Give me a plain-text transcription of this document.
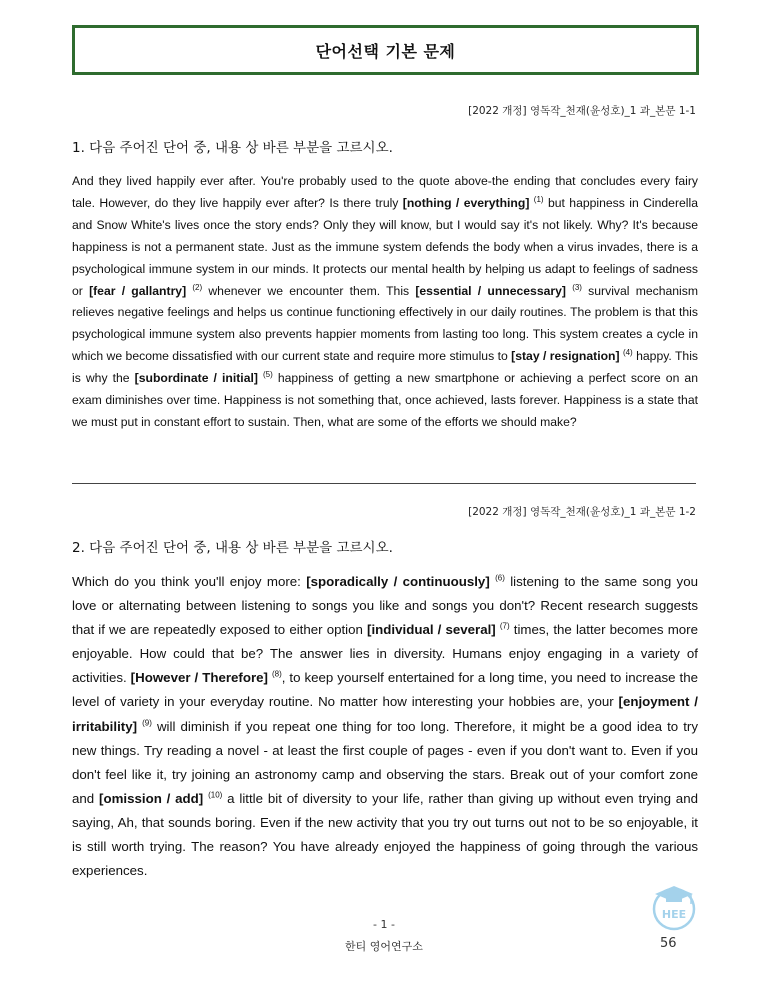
단어선택 기본 문제
[2022 개정] 영독작_천재(윤성호)_1 과_본문 1-1
1. 다음 주어진 단어 중, 내용 상 바른 부분을 고르시오.
And they lived happily ever after. You're probably used to the quote above-the ending that concludes every fairy tale. However, do they live happily ever after? Is there truly [nothing / everything] $^{(1)}$ but happiness in Cinderella and Snow White's lives once the story ends? Only they will know, but I would say it's not likely. Why? It's because happiness is not a permanent state. Just as the immune system defends the body when a virus invades, there is a psychological immune system in our minds. It protects our mental health by helping us adapt to feelings of sadness or [fear / gallantry] $^{(2)}$ whenever we encounter them. This [essential / unnecessary] $^{(3)}$ survival mechanism relieves negative feelings and helps us continue functioning effectively in our daily routines. The problem is that this psychological immune system also prevents happier moments from lasting too long. This system creates a cycle in which we become dissatisfied with our current state and require more stimulus to [stay / resignation] $^{(4)}$ happy. This is why the [subordinate / initial] $^{(5)}$ happiness of getting a new smartphone or achieving a perfect score on an exam diminishes over time. Happiness is not something that, once achieved, lasts forever. Happiness is a state that we must put in constant effort to sustain. Then, what are some of the efforts we should make?
[2022 개정] 영독작_천재(윤성호)_1 과_본문 1-2
2. 다음 주어진 단어 중, 내용 상 바른 부분을 고르시오.
Which do you think you'll enjoy more: [sporadically / continuously] $^{(6)}$ listening to the same song you love or alternating between listening to songs you like and songs you don't? Recent research suggests that if we are repeatedly exposed to either option [individual / several] $^{(7)}$ times, the latter becomes more enjoyable. How could that be? The answer lies in diversity. Humans enjoy engaging in a variety of activities. [However / Therefore] $^{(8)}$, to keep yourself entertained for a long time, you need to increase the level of variety in your everyday routine. No matter how interesting your hobbies are, your [enjoyment / irritability] $^{(9)}$ will diminish if you repeat one thing for too long. Therefore, it might be a good idea to try new things. Try reading a novel - at least the first couple of pages - even if you don't want to. Even if you don't feel like it, try joining an astronomy camp and observing the stars. Break out of your comfort zone and [omission / add] $^{(10)}$ a little bit of diversity to your life, rather than giving up without even trying and saying, Ah, that sounds boring. Even if the new activity that you try out turns out not to be so enjoyable, it is still worth trying. The reason? You have already enjoyed the happiness of going through the various experiences.
HEE
- 1 -
한티 영어연구소	56
